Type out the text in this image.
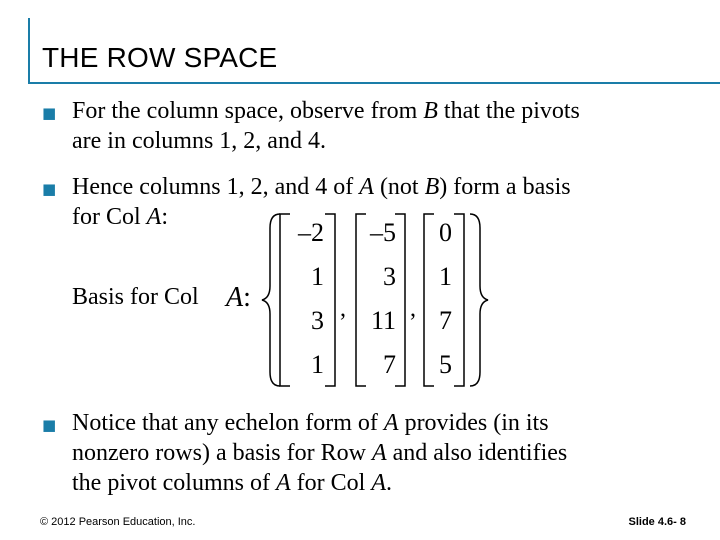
THE ROW SPACE
■ For the column space, observe from B that the pivots
are in columns 1, 2, and 4.
■ Hence columns 1, 2, and 4 of A (not B) form a basis
for Col A:
Basis for Col A:
–2
1
3
1
,
–5
3
11
7
,
0
1
7
5
■ Notice that any echelon form of A provides (in its
nonzero rows) a basis for Row A and also identifies
the pivot columns of A for Col A.
© 2012 Pearson Education, Inc.	Slide 4.6- 8
